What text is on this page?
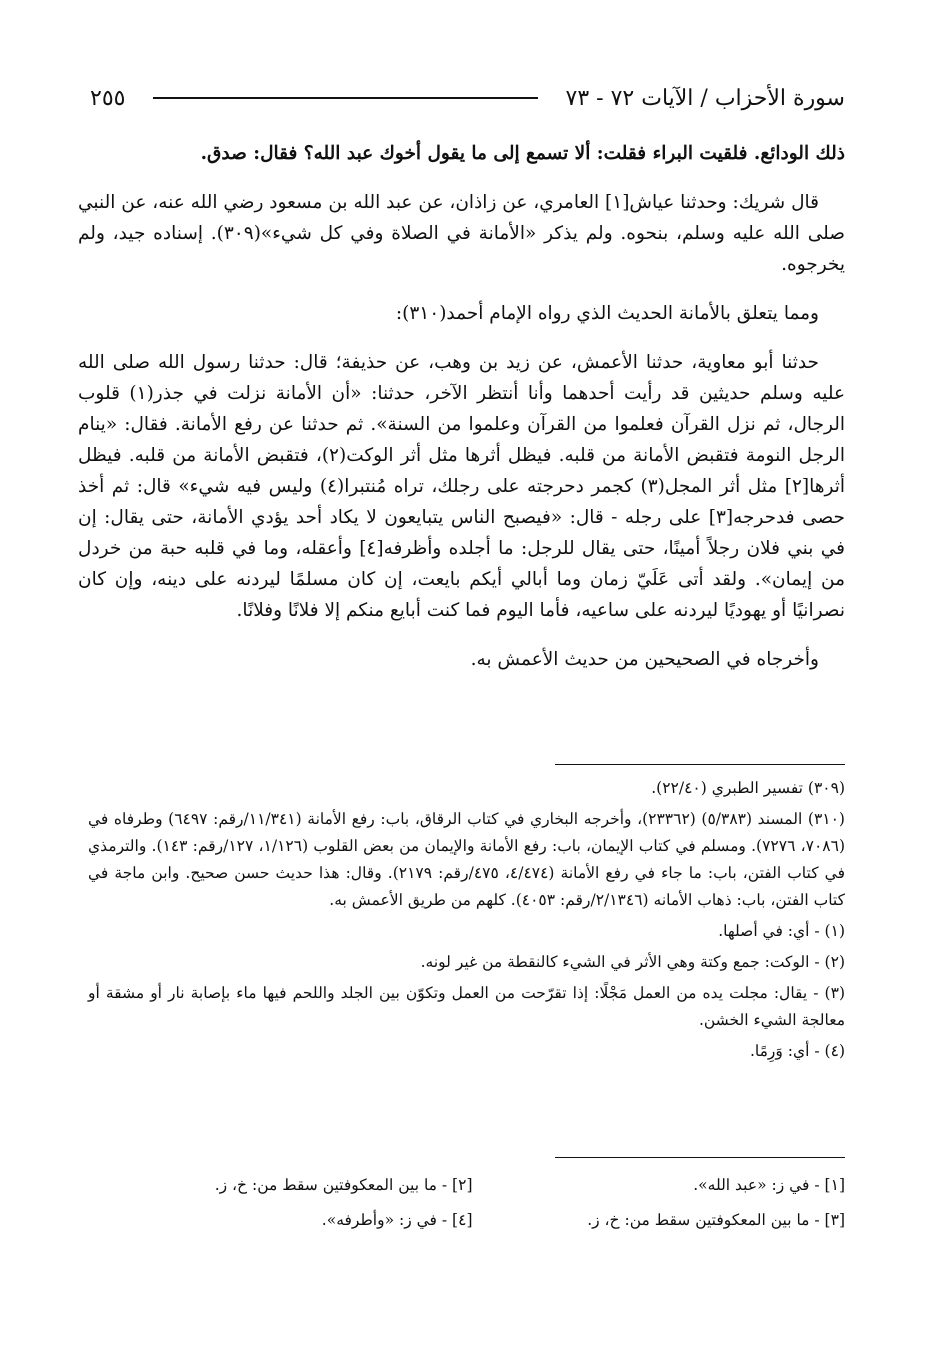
سورة الأحزاب / الآيات ٧٢ - ٧٣
٢٥٥

ذلك الودائع. فلقيت البراء فقلت: ألا تسمع إلى ما يقول أخوك عبد الله؟ فقال: صدق.

قال شريك: وحدثنا عياش[١] العامري، عن زاذان، عن عبد الله بن مسعود رضي الله عنه، عن النبي صلى الله عليه وسلم، بنحوه. ولم يذكر «الأمانة في الصلاة وفي كل شيء»(٣٠٩). إسناده جيد، ولم يخرجوه.

ومما يتعلق بالأمانة الحديث الذي رواه الإمام أحمد(٣١٠):

حدثنا أبو معاوية، حدثنا الأعمش، عن زيد بن وهب، عن حذيفة؛ قال: حدثنا رسول الله صلى الله عليه وسلم حديثين قد رأيت أحدهما وأنا أنتظر الآخر، حدثنا: «أن الأمانة نزلت في جذر(١) قلوب الرجال، ثم نزل القرآن فعلموا من القرآن وعلموا من السنة». ثم حدثنا عن رفع الأمانة. فقال: «ينام الرجل النومة فتقبض الأمانة من قلبه. فيظل أثرها مثل أثر الوكت(٢)، فتقبض الأمانة من قلبه. فيظل أثرها[٢] مثل أثر المجل(٣) كجمر دحرجته على رجلك، تراه مُنتبرا(٤) وليس فيه شيء» قال: ثم أخذ حصى فدحرجه[٣] على رجله - قال: «فيصبح الناس يتبايعون لا يكاد أحد يؤدي الأمانة، حتى يقال: إن في بني فلان رجلاً أمينًا، حتى يقال للرجل: ما أجلده وأظرفه[٤] وأعقله، وما في قلبه حبة من خردل من إيمان». ولقد أتى عَلَيّ زمان وما أبالي أيكم بايعت، إن كان مسلمًا ليردنه على دينه، وإن كان نصرانيًا أو يهوديًا ليردنه على ساعيه، فأما اليوم فما كنت أبايع منكم إلا فلانًا وفلانًا.

وأخرجاه في الصحيحين من حديث الأعمش به.

(٣٠٩) تفسير الطبري (٢٢/٤٠).

(٣١٠) المسند (٥/٣٨٣) (٢٣٣٦٢)، وأخرجه البخاري في كتاب الرقاق، باب: رفع الأمانة (١١/٣٤١/رقم: ٦٤٩٧) وطرفاه في (٧٠٨٦، ٧٢٧٦). ومسلم في كتاب الإيمان، باب: رفع الأمانة والإيمان من بعض القلوب (١/١٢٦، ١٢٧/رقم: ١٤٣). والترمذي في كتاب الفتن، باب: ما جاء في رفع الأمانة (٤/٤٧٤، ٤٧٥/رقم: ٢١٧٩). وقال: هذا حديث حسن صحيح. وابن ماجة في كتاب الفتن، باب: ذهاب الأمانه (٢/١٣٤٦/رقم: ٤٠٥٣). كلهم من طريق الأعمش به.

(١) - أي: في أصلها.

(٢) - الوكت: جمع وكتة وهي الأثر في الشيء كالنقطة من غير لونه.

(٣) - يقال: مجلت يده من العمل مَجْلًا: إذا تقرّحت من العمل وتكوّن بين الجلد واللحم فيها ماء بإصابة نار أو مشقة أو معالجة الشيء الخشن.

(٤) - أي: وَرِمًا.

[١] - في ز: «عبد الله».
[٢] - ما بين المعكوفتين سقط من: خ، ز.
[٣] - ما بين المعكوفتين سقط من: خ، ز.
[٤] - في ز: «وأطرفه».
